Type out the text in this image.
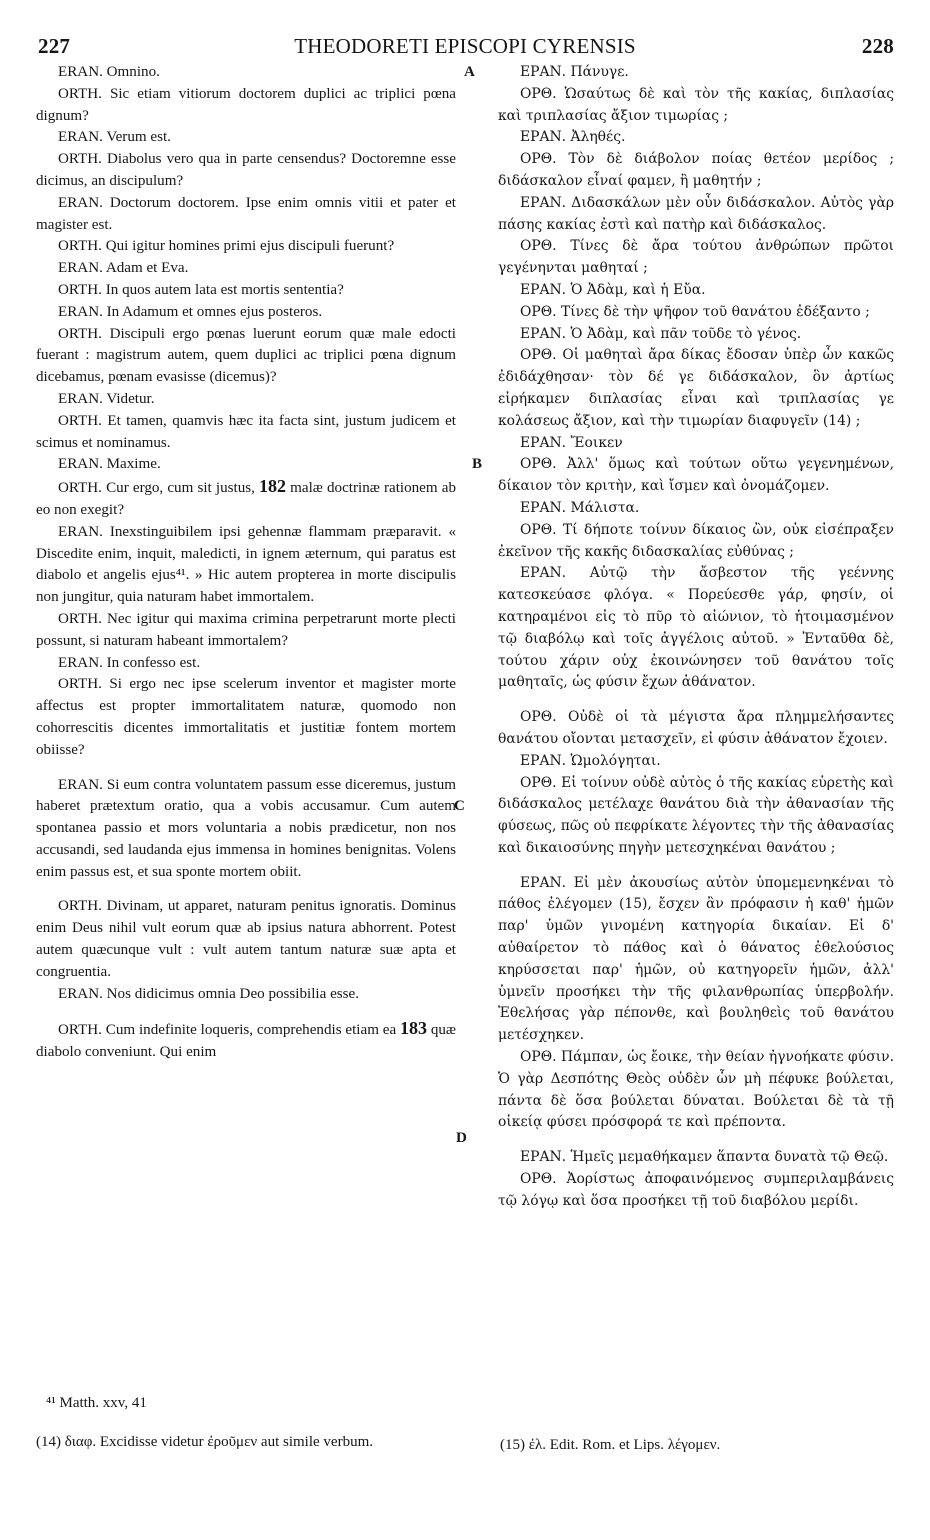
227	THEODORETI EPISCOPI CYRENSIS	228

ERAN. Omnino.

ORTH. Sic etiam vitiorum doctorem duplici ac triplici pœna dignum?

ERAN. Verum est.

ORTH. Diabolus vero qua in parte censendus? Doctoremne esse dicimus, an discipulum?

ERAN. Doctorum doctorem. Ipse enim omnis vitii et pater et magister est.

ORTH. Qui igitur homines primi ejus discipuli fuerunt?

ERAN. Adam et Eva.

ORTH. In quos autem lata est mortis sententia?

ERAN. In Adamum et omnes ejus posteros.

ORTH. Discipuli ergo pœnas luerunt eorum quæ male edocti fuerant : magistrum autem, quem duplici ac triplici pœna dignum dicebamus, pœnam evasisse (dicemus)?

ERAN. Videtur.

ORTH. Et tamen, quamvis hæc ita facta sint, justum judicem et scimus et nominamus.

ERAN. Maxime.

ORTH. Cur ergo, cum sit justus, 182 malæ doctrinæ rationem ab eo non exegit?

ERAN. Inexstinguibilem ipsi gehennæ flammam præparavit. « Discedite enim, inquit, maledicti, in ignem æternum, qui paratus est diabolo et angelis ejus⁴¹. » Hic autem propterea in morte discipulis non jungitur, quia naturam habet immortalem.

ORTH. Nec igitur qui maxima crimina perpetrarunt morte plecti possunt, si naturam habeant immortalem?

ERAN. In confesso est.

ORTH. Si ergo nec ipse scelerum inventor et magister morte affectus est propter immortalitatem naturæ, quomodo non cohorrescitis dicentes immortalitatis et justitiæ fontem mortem obiisse?

ERAN. Si eum contra voluntatem passum esse diceremus, justum haberet prætextum oratio, qua a vobis accusamur. Cum autem spontanea passio et mors voluntaria a nobis prædicetur, non nos accusandi, sed laudanda ejus immensa in homines benignitas. Volens enim passus est, et sua sponte mortem obiit.

ORTH. Divinam, ut apparet, naturam penitus ignoratis. Dominus enim Deus nihil vult eorum quæ ab ipsius natura abhorrent. Potest autem quæcunque vult : vult autem tantum naturæ suæ apta et congruentia.

ERAN. Nos didicimus omnia Deo possibilia esse.

ORTH. Cum indefinite loqueris, comprehendis etiam ea 183 quæ diabolo conveniunt. Qui enim

ΕΡΑΝ. Πάνυγε.

ΟΡΘ. Ὡσαύτως δὲ καὶ τὸν τῆς κακίας, διπλασίας καὶ τριπλασίας ἄξιον τιμωρίας ;

ΕΡΑΝ. Ἀληθές.

ΟΡΘ. Τὸν δὲ διάβολον ποίας θετέον μερίδος ; διδάσκαλον εἶναί φαμεν, ἢ μαθητήν ;

ΕΡΑΝ. Διδασκάλων μὲν οὖν διδάσκαλον. Αὐτὸς γὰρ πάσης κακίας ἐστὶ καὶ πατὴρ καὶ διδάσκαλος.

ΟΡΘ. Τίνες δὲ ἄρα τούτου ἀνθρώπων πρῶτοι γεγένηνται μαθηταί ;

ΕΡΑΝ. Ὁ Ἀδὰμ, καὶ ἡ Εὔα.

ΟΡΘ. Τίνες δὲ τὴν ψῆφον τοῦ θανάτου ἐδέξαντο ;

ΕΡΑΝ. Ὁ Ἀδὰμ, καὶ πᾶν τοῦδε τὸ γένος.

ΟΡΘ. Οἱ μαθηταὶ ἄρα δίκας ἔδοσαν ὑπὲρ ὧν κακῶς ἐδιδάχθησαν· τὸν δέ γε διδάσκαλον, ὃν ἀρτίως εἰρήκαμεν διπλασίας εἶναι καὶ τριπλασίας γε κολάσεως ἄξιον, καὶ τὴν τιμωρίαν διαφυγεῖν (14) ;

ΕΡΑΝ. Ἔοικεν

ΟΡΘ. Ἀλλ' ὅμως καὶ τούτων οὕτω γεγενημένων, δίκαιον τὸν κριτὴν, καὶ ἴσμεν καὶ ὀνομάζομεν.

ΕΡΑΝ. Μάλιστα.

ΟΡΘ. Τί δήποτε τοίνυν δίκαιος ὢν, οὐκ εἰσέπραξεν ἐκεῖνον τῆς κακῆς διδασκαλίας εὐθύνας ;

ΕΡΑΝ. Αὐτῷ τὴν ἄσβεστον τῆς γεέννης κατεσκεύασε φλόγα. « Πορεύεσθε γάρ, φησίν, οἱ κατηραμένοι εἰς τὸ πῦρ τὸ αἰώνιον, τὸ ἡτοιμασμένον τῷ διαβόλῳ καὶ τοῖς ἀγγέλοις αὐτοῦ. » Ἐνταῦθα δὲ, τούτου χάριν οὐχ ἐκοινώνησεν τοῦ θανάτου τοῖς μαθηταῖς, ὡς φύσιν ἔχων ἀθάνατον.

ΟΡΘ. Οὐδὲ οἱ τὰ μέγιστα ἄρα πλημμελήσαντες θανάτου οἴονται μετασχεῖν, εἰ φύσιν ἀθάνατον ἔχοιεν.

ΕΡΑΝ. Ὡμολόγηται.

ΟΡΘ. Εἰ τοίνυν οὐδὲ αὐτὸς ὁ τῆς κακίας εὑρετὴς καὶ διδάσκαλος μετέλαχε θανάτου διὰ τὴν ἀθανασίαν τῆς φύσεως, πῶς οὐ πεφρίκατε λέγοντες τὴν τῆς ἀθανασίας καὶ δικαιοσύνης πηγὴν μετεσχηκέναι θανάτου ;

ΕΡΑΝ. Εἰ μὲν ἀκουσίως αὐτὸν ὑπομεμενηκέναι τὸ πάθος ἐλέγομεν (15), ἔσχεν ἂν πρόφασιν ἡ καθ' ἡμῶν παρ' ὑμῶν γινομένη κατηγορία δικαίαν. Εἰ δ' αὐθαίρετον τὸ πάθος καὶ ὁ θάνατος ἐθελούσιος κηρύσσεται παρ' ἡμῶν, οὐ κατηγορεῖν ἡμῶν, ἀλλ' ὑμνεῖν προσήκει τὴν τῆς φιλανθρωπίας ὑπερβολήν. Ἐθελήσας γὰρ πέπονθε, καὶ βουληθεὶς τοῦ θανάτου μετέσχηκεν.

ΟΡΘ. Πάμπαν, ὡς ἔοικε, τὴν θείαν ἠγνοήκατε φύσιν. Ὁ γὰρ Δεσπότης Θεὸς οὐδὲν ὧν μὴ πέφυκε βούλεται, πάντα δὲ ὅσα βούλεται δύναται. Βούλεται δὲ τὰ τῇ οἰκείᾳ φύσει πρόσφορά τε καὶ πρέποντα.

ΕΡΑΝ. Ἡμεῖς μεμαθήκαμεν ἅπαντα δυνατὰ τῷ Θεῷ.

ΟΡΘ. Ἀορίστως ἀποφαινόμενος συμπεριλαμβάνεις τῷ λόγῳ καὶ ὅσα προσήκει τῇ τοῦ διαβόλου μερίδι.

A
B
C
D
⁴¹ Matth. xxv, 41
(14) διαφ. Excidisse videtur ἐροῦμεν aut simile verbum.	(15) ἐλ. Edit. Rom. et Lips. λέγομεν.
